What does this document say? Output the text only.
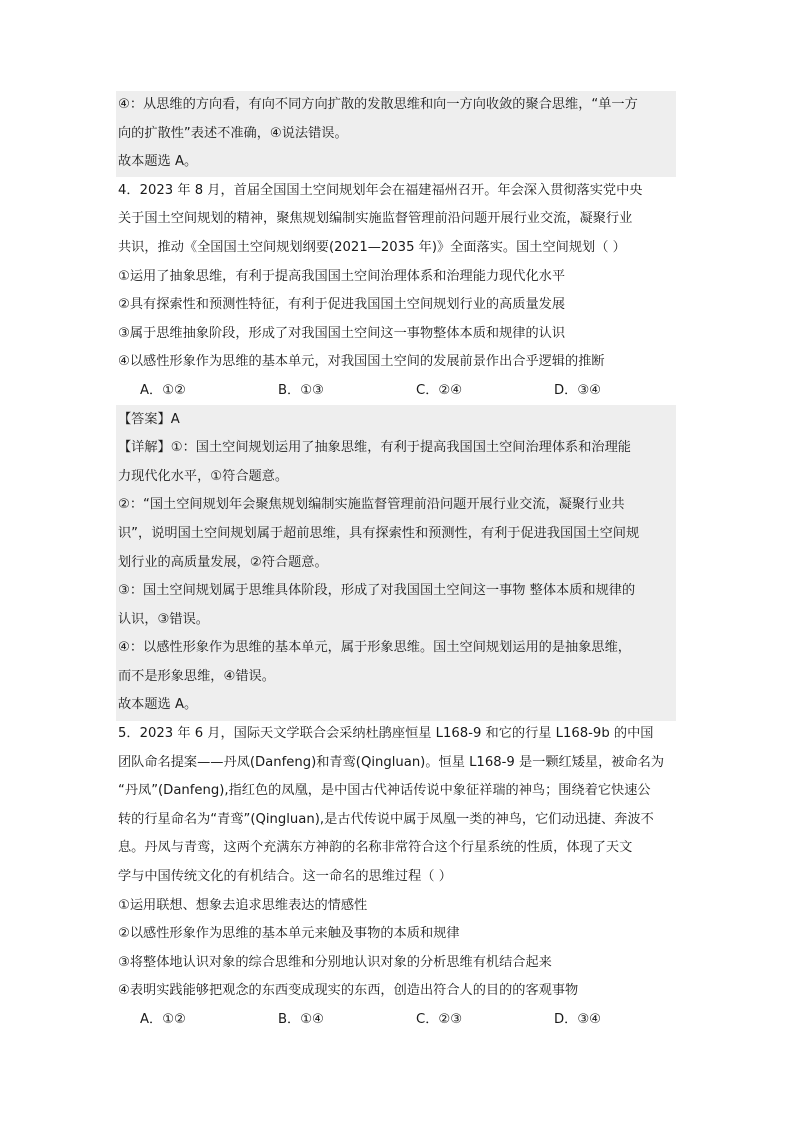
④：从思维的方向看，有向不同方向扩散的发散思维和向一方向收敛的聚合思维，“单一方
向的扩散性”表述不准确，④说法错误。
故本题选 A。
4．2023 年 8 月，首届全国国土空间规划年会在福建福州召开。年会深入贯彻落实党中央
关于国土空间规划的精神，聚焦规划编制实施监督管理前沿问题开展行业交流，凝聚行业
共识，推动《全国国土空间规划纲要(2021—2035 年)》全面落实。国土空间规划（ ）
①运用了抽象思维，有利于提高我国国土空间治理体系和治理能力现代化水平
②具有探索性和预测性特征，有利于促进我国国土空间规划行业的高质量发展
③属于思维抽象阶段，形成了对我国国土空间这一事物整体本质和规律的认识
④以感性形象作为思维的基本单元，对我国国土空间的发展前景作出合乎逻辑的推断
A．①②	B．①③	C．②④	D．③④
【答案】A
【详解】①：国土空间规划运用了抽象思维，有利于提高我国国土空间治理体系和治理能
力现代化水平，①符合题意。
②：“国土空间规划年会聚焦规划编制实施监督管理前沿问题开展行业交流，凝聚行业共
识”，说明国土空间规划属于超前思维，具有探索性和预测性，有利于促进我国国土空间规
划行业的高质量发展，②符合题意。
③：国土空间规划属于思维具体阶段，形成了对我国国土空间这一事物 整体本质和规律的
认识，③错误。
④：以感性形象作为思维的基本单元，属于形象思维。国土空间规划运用的是抽象思维，
而不是形象思维，④错误。
故本题选 A。
5．2023 年 6 月，国际天文学联合会采纳杜鹃座恒星 L168-9 和它的行星 L168-9b 的中国
团队命名提案——丹凤(Danfeng)和青鸾(Qingluan)。恒星 L168-9 是一颗红矮星，被命名为
“丹凤”(Danfeng),指红色的凤凰，是中国古代神话传说中象征祥瑞的神鸟；围绕着它快速公
转的行星命名为“青鸾”(Qingluan),是古代传说中属于凤凰一类的神鸟，它们动迅捷、奔波不
息。丹凤与青鸾，这两个充满东方神韵的名称非常符合这个行星系统的性质，体现了天文
学与中国传统文化的有机结合。这一命名的思维过程（ ）
①运用联想、想象去追求思维表达的情感性
②以感性形象作为思维的基本单元来触及事物的本质和规律
③将整体地认识对象的综合思维和分别地认识对象的分析思维有机结合起来
④表明实践能够把观念的东西变成现实的东西，创造出符合人的目的的客观事物
A．①②	B．①④	C．②③	D．③④
